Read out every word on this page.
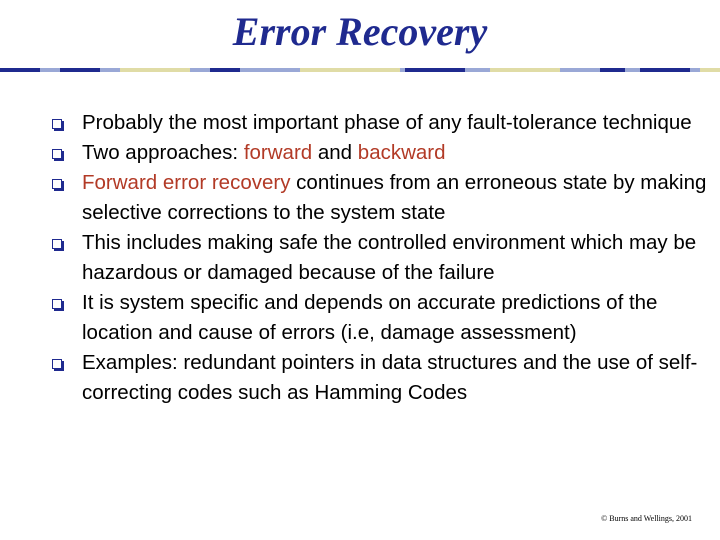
Error Recovery
Probably the most important phase of any fault-tolerance technique
Two approaches: forward and backward
Forward error recovery continues from an erroneous state by making selective corrections to the system state
This includes making safe the controlled environment which may be hazardous or damaged because of the failure
It is system specific and depends on accurate predictions of the location and cause of errors (i.e, damage assessment)
Examples: redundant pointers in data structures and the use of self-correcting codes such as Hamming Codes
© Burns and Wellings, 2001
